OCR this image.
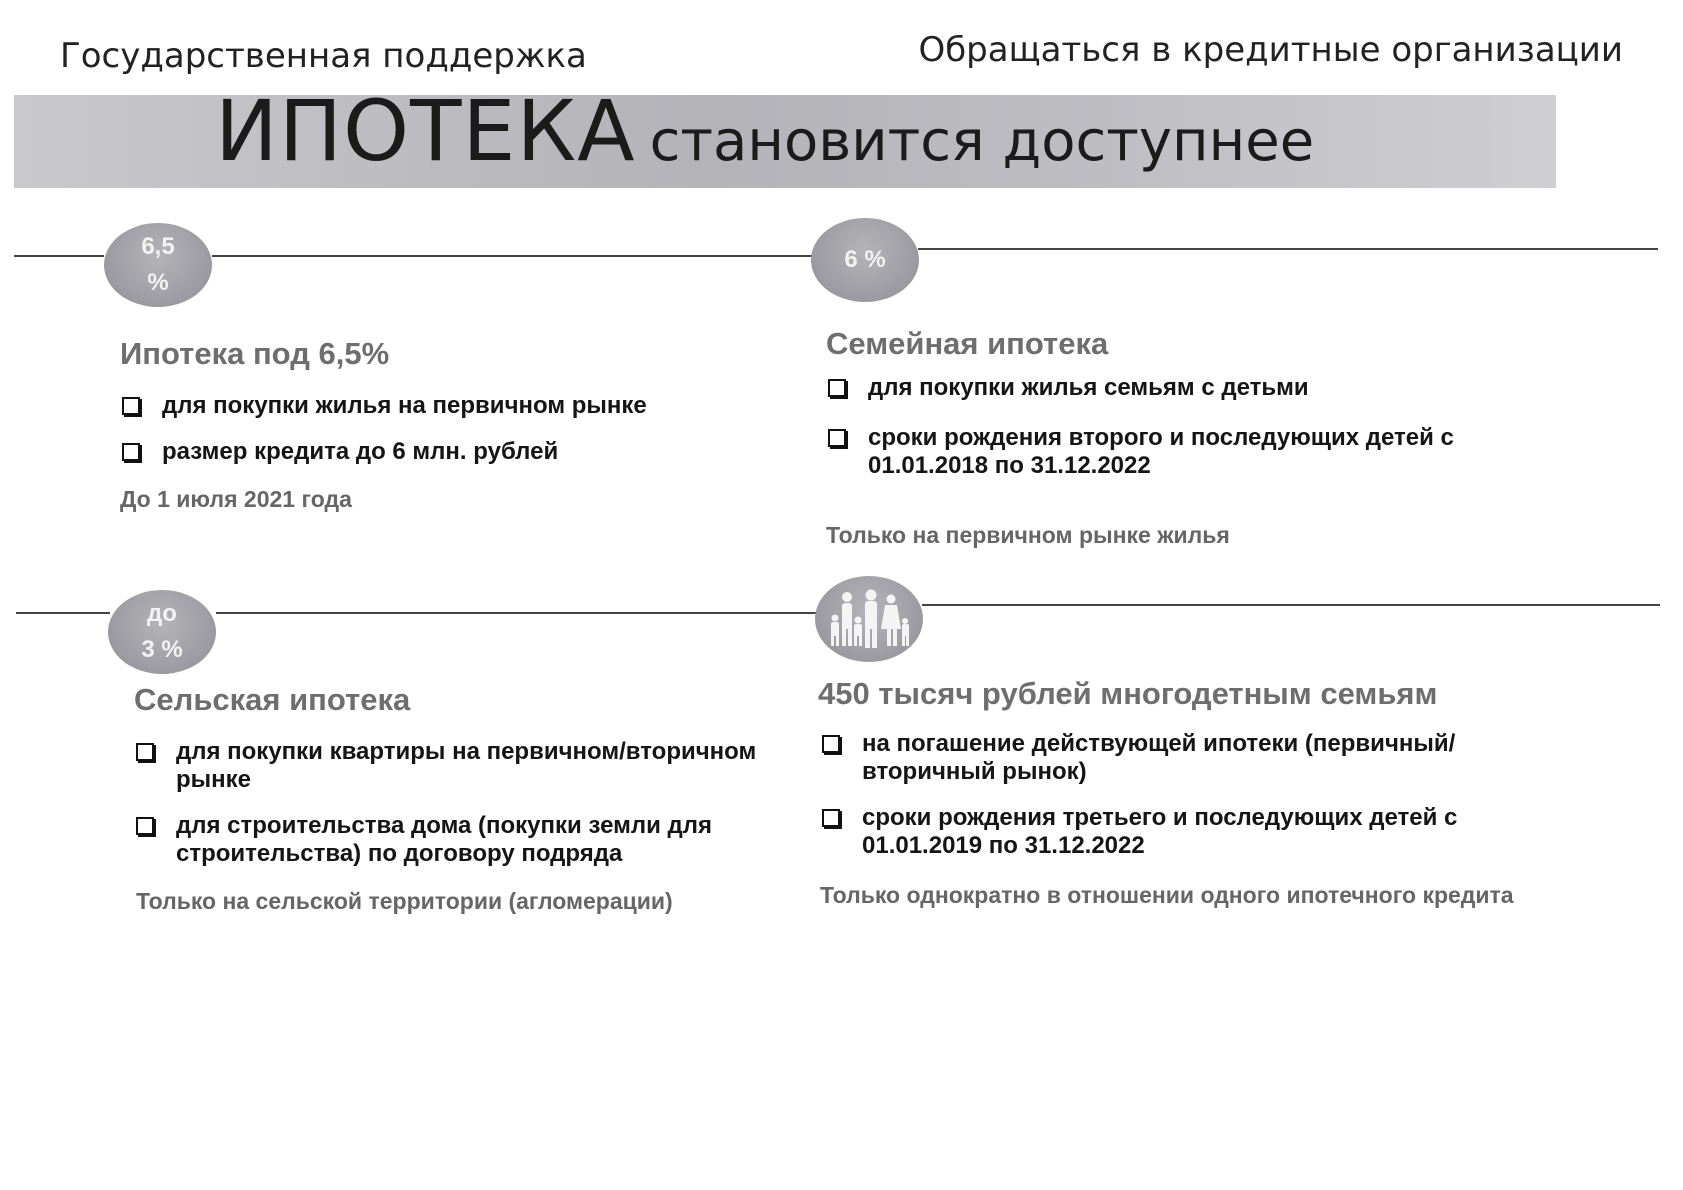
Государственная поддержка	Обращаться в кредитные организации
ИПОТЕКА становится доступнее
6,5
%
Ипотека под 6,5%
для покупки жилья на первичном рынке
размер кредита до 6 млн. рублей
До 1 июля 2021 года
6 %
Семейная ипотека
для покупки жилья семьям с детьми
сроки рождения второго и последующих детей с 01.01.2018 по 31.12.2022
Только на первичном рынке жилья
до
3 %
Сельская ипотека
для покупки квартиры на первичном/вторичном рынке
для строительства дома (покупки земли для строительства) по договору подряда
Только на сельской территории (агломерации)
450 тысяч рублей многодетным семьям
на погашение действующей ипотеки (первичный/вторичный рынок)
сроки рождения третьего и последующих детей с 01.01.2019 по 31.12.2022
Только однократно в отношении одного ипотечного кредита
